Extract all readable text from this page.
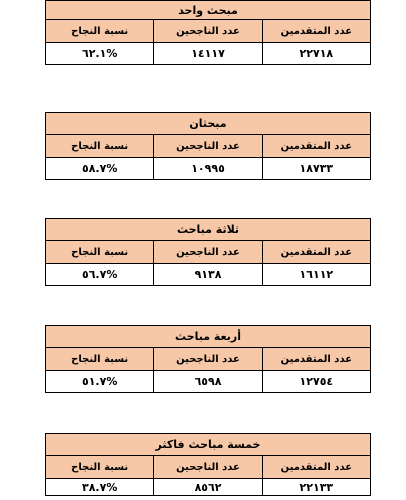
مبحث واحد		
عدد المتقدمين	عدد الناجحين	نسبة النجاح
٢٢٧١٨	١٤١١٧	%٦٢.١
مبحثان		
عدد المتقدمين	عدد الناجحين	نسبة النجاح
١٨٧٣٣	١٠٩٩٥	%٥٨.٧
ثلاثة مباحث		
عدد المتقدمين	عدد الناجحين	نسبة النجاح
١٦١١٢	٩١٣٨	%٥٦.٧
أربعة مباحث		
عدد المتقدمين	عدد الناجحين	نسبة النجاح
١٢٧٥٤	٦٥٩٨	%٥١.٧
خمسة مباحث فاكثر		
عدد المتقدمين	عدد الناجحين	نسبة النجاح
٢٢١٣٣	٨٥٦٢	%٣٨.٧
